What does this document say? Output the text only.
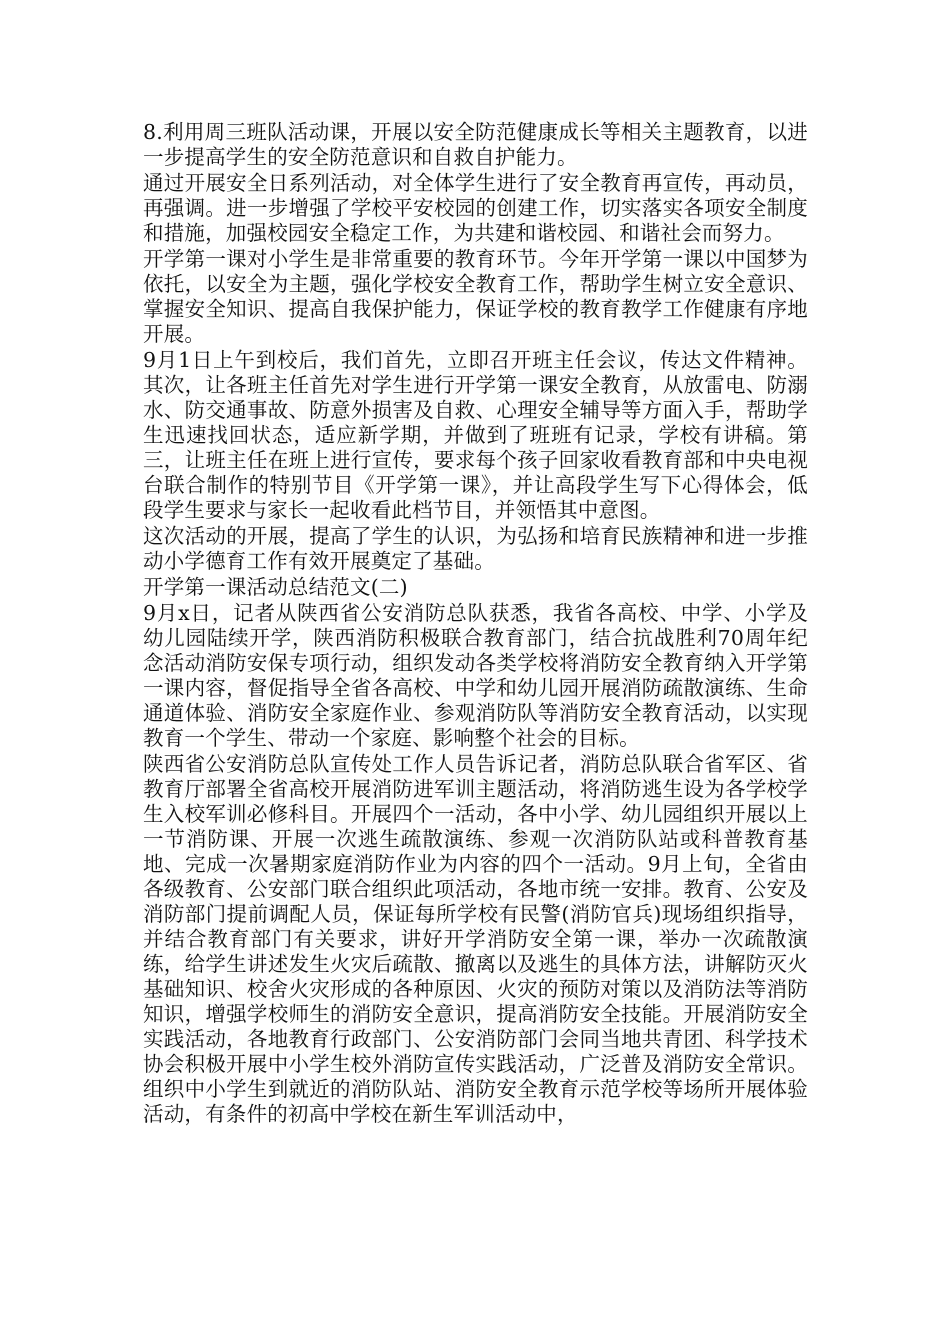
8.利用周三班队活动课，开展以安全防范健康成长等相关主题教育，以进一步提高学生的安全防范意识和自救自护能力。

通过开展安全日系列活动，对全体学生进行了安全教育再宣传，再动员，再强调。进一步增强了学校平安校园的创建工作，切实落实各项安全制度和措施，加强校园安全稳定工作，为共建和谐校园、和谐社会而努力。

开学第一课对小学生是非常重要的教育环节。今年开学第一课以中国梦为依托，以安全为主题，强化学校安全教育工作，帮助学生树立安全意识、掌握安全知识、提高自我保护能力，保证学校的教育教学工作健康有序地开展。

9月1日上午到校后，我们首先，立即召开班主任会议，传达文件精神。其次，让各班主任首先对学生进行开学第一课安全教育，从放雷电、防溺水、防交通事故、防意外损害及自救、心理安全辅导等方面入手，帮助学生迅速找回状态，适应新学期，并做到了班班有记录，学校有讲稿。第三，让班主任在班上进行宣传，要求每个孩子回家收看教育部和中央电视台联合制作的特别节目《开学第一课》，并让高段学生写下心得体会，低段学生要求与家长一起收看此档节目，并领悟其中意图。

这次活动的开展，提高了学生的认识，为弘扬和培育民族精神和进一步推动小学德育工作有效开展奠定了基础。

开学第一课活动总结范文(二)

9月x日，记者从陕西省公安消防总队获悉，我省各高校、中学、小学及幼儿园陆续开学，陕西消防积极联合教育部门，结合抗战胜利70周年纪念活动消防安保专项行动，组织发动各类学校将消防安全教育纳入开学第一课内容，督促指导全省各高校、中学和幼儿园开展消防疏散演练、生命通道体验、消防安全家庭作业、参观消防队等消防安全教育活动，以实现教育一个学生、带动一个家庭、影响整个社会的目标。

陕西省公安消防总队宣传处工作人员告诉记者，消防总队联合省军区、省教育厅部署全省高校开展消防进军训主题活动，将消防逃生设为各学校学生入校军训必修科目。开展四个一活动，各中小学、幼儿园组织开展以上一节消防课、开展一次逃生疏散演练、参观一次消防队站或科普教育基地、完成一次暑期家庭消防作业为内容的四个一活动。9月上旬，全省由各级教育、公安部门联合组织此项活动，各地市统一安排。教育、公安及消防部门提前调配人员，保证每所学校有民警(消防官兵)现场组织指导，并结合教育部门有关要求，讲好开学消防安全第一课，举办一次疏散演练，给学生讲述发生火灾后疏散、撤离以及逃生的具体方法，讲解防灭火基础知识、校舍火灾形成的各种原因、火灾的预防对策以及消防法等消防知识，增强学校师生的消防安全意识，提高消防安全技能。开展消防安全实践活动，各地教育行政部门、公安消防部门会同当地共青团、科学技术协会积极开展中小学生校外消防宣传实践活动，广泛普及消防安全常识。组织中小学生到就近的消防队站、消防安全教育示范学校等场所开展体验活动，有条件的初高中学校在新生军训活动中，
